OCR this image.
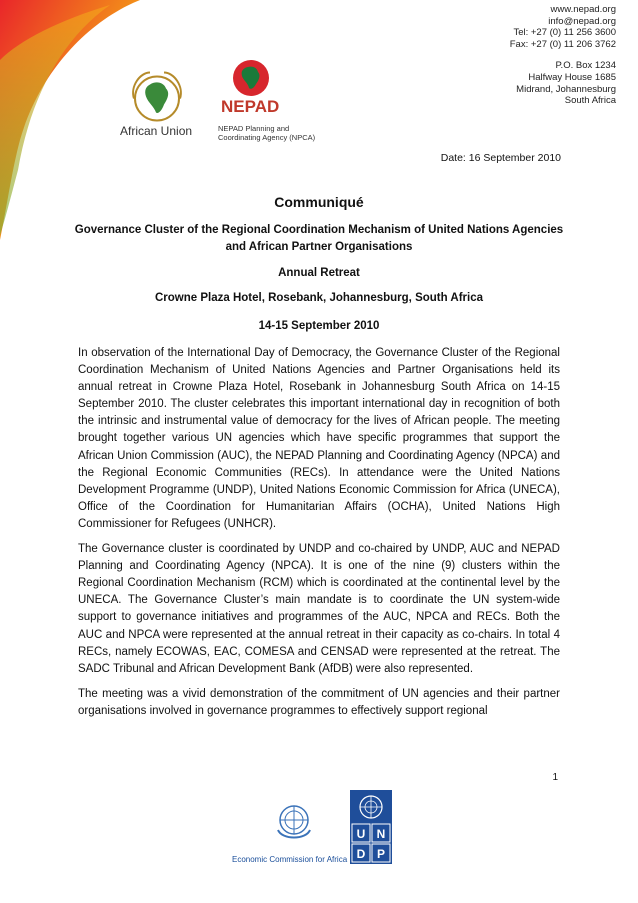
African Union
NEPAD
NEPAD Planning and
Coordinating Agency (NPCA)
www.nepad.org
info@nepad.org
Tel: +27 (0) 11 256 3600
Fax: +27 (0) 11 206 3762
P.O. Box 1234
Halfway House 1685
Midrand, Johannesburg
South Africa
Date: 16 September 2010
Communiqué
Governance Cluster of the Regional Coordination Mechanism of United Nations Agencies and African Partner Organisations
Annual Retreat
Crowne Plaza Hotel, Rosebank, Johannesburg, South Africa
14-15 September 2010

In observation of the International Day of Democracy, the Governance Cluster of the Regional Coordination Mechanism of United Nations Agencies and Partner Organisations held its annual retreat in Crowne Plaza Hotel, Rosebank in Johannesburg South Africa on 14-15 September 2010. The cluster celebrates this important international day in recognition of both the intrinsic and instrumental value of democracy for the lives of African people. The meeting brought together various UN agencies which have specific programmes that support the African Union Commission (AUC), the NEPAD Planning and Coordinating Agency (NPCA) and the Regional Economic Communities (RECs). In attendance were the United Nations Development Programme (UNDP), United Nations Economic Commission for Africa (UNECA), Office of the Coordination for Humanitarian Affairs (OCHA), United Nations High Commissioner for Refugees (UNHCR).

The Governance cluster is coordinated by UNDP and co-chaired by UNDP, AUC and NEPAD Planning and Coordinating Agency (NPCA). It is one of the nine (9) clusters within the Regional Coordination Mechanism (RCM) which is coordinated at the continental level by the UNECA. The Governance Cluster’s main mandate is to coordinate the UN system-wide support to governance initiatives and programmes of the AUC, NPCA and RECs. Both the AUC and NPCA were represented at the annual retreat in their capacity as co-chairs. In total 4 RECs, namely ECOWAS, EAC, COMESA and CENSAD were represented at the retreat. The SADC Tribunal and African Development Bank (AfDB) were also represented.

The meeting was a vivid demonstration of the commitment of UN agencies and their partner organisations involved in governance programmes to effectively support regional

1
Economic Commission for Africa
U N
D P
